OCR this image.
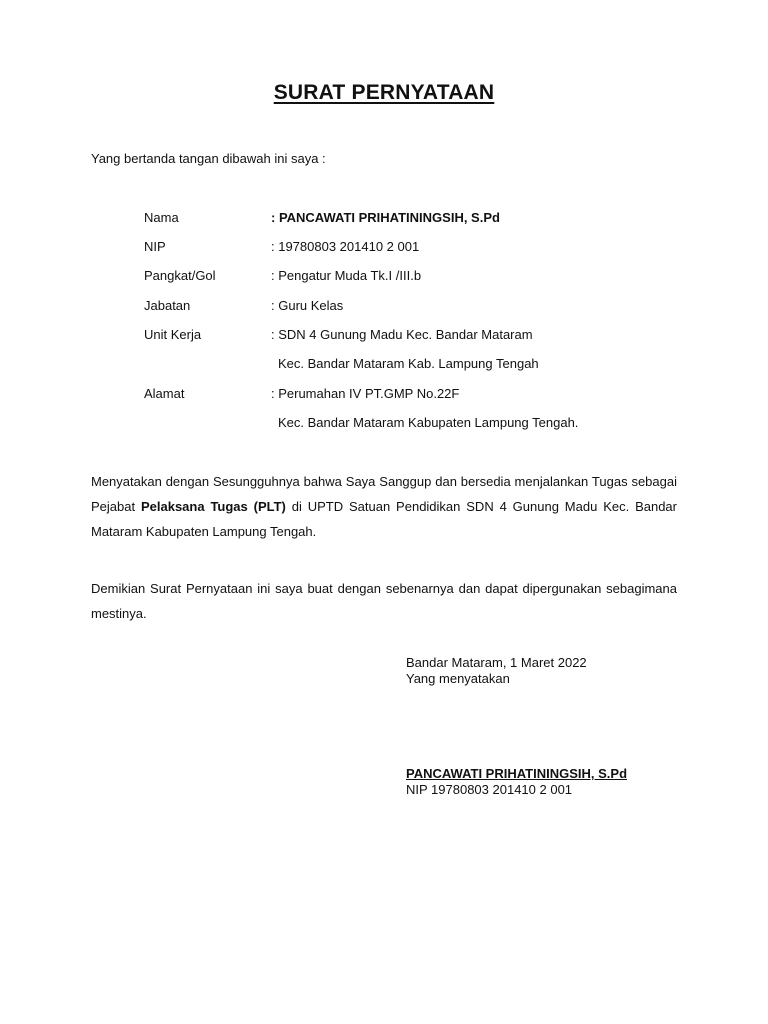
SURAT PERNYATAAN
Yang bertanda tangan dibawah ini saya :
Nama	: PANCAWATI PRIHATININGSIH, S.Pd
NIP	: 19780803 201410 2 001
Pangkat/Gol	: Pengatur Muda Tk.I /III.b
Jabatan	: Guru Kelas
Unit Kerja	: SDN 4 Gunung Madu Kec. Bandar Mataram
Kec. Bandar Mataram Kab. Lampung Tengah
Alamat	: Perumahan IV PT.GMP No.22F
Kec. Bandar Mataram Kabupaten Lampung Tengah.
Menyatakan dengan Sesungguhnya bahwa Saya Sanggup dan bersedia menjalankan Tugas sebagai Pejabat Pelaksana Tugas (PLT) di UPTD Satuan Pendidikan SDN 4 Gunung Madu Kec. Bandar Mataram Kabupaten Lampung Tengah.
Demikian Surat Pernyataan ini saya buat dengan sebenarnya dan dapat dipergunakan sebagimana mestinya.
Bandar Mataram, 1 Maret 2022
Yang menyatakan
PANCAWATI PRIHATININGSIH, S.Pd
NIP 19780803 201410 2 001
